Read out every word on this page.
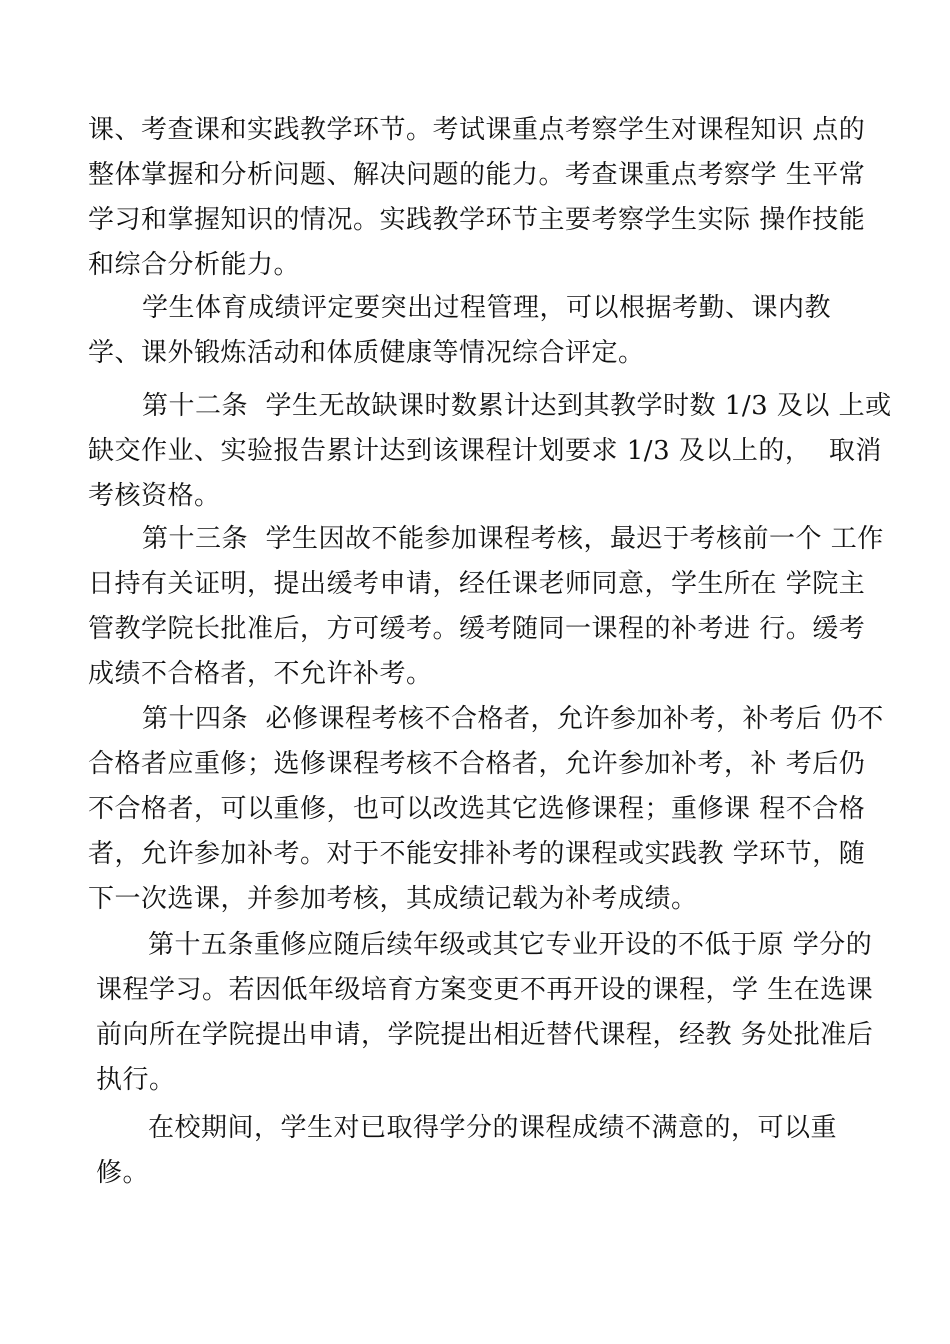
课、考查课和实践教学环节。考试课重点考察学生对课程知识 点的
整体掌握和分析问题、解决问题的能力。考查课重点考察学 生平常
学习和掌握知识的情况。实践教学环节主要考察学生实际 操作技能
和综合分析能力。
学生体育成绩评定要突出过程管理，可以根据考勤、课内教
学、课外锻炼活动和体质健康等情况综合评定。
第十二条  学生无故缺课时数累计达到其教学时数 1/3 及以 上或
缺交作业、实验报告累计达到该课程计划要求 1/3 及以上的，  取消
考核资格。
第十三条  学生因故不能参加课程考核，最迟于考核前一个 工作
日持有关证明，提出缓考申请，经任课老师同意，学生所在 学院主
管教学院长批准后，方可缓考。缓考随同一课程的补考进 行。缓考
成绩不合格者，不允许补考。
第十四条  必修课程考核不合格者，允许参加补考，补考后 仍不
合格者应重修；选修课程考核不合格者，允许参加补考，补 考后仍
不合格者，可以重修，也可以改选其它选修课程；重修课 程不合格
者，允许参加补考。对于不能安排补考的课程或实践教 学环节，随
下一次选课，并参加考核，其成绩记载为补考成绩。
第十五条重修应随后续年级或其它专业开设的不低于原 学分的
课程学习。若因低年级培育方案变更不再开设的课程，学 生在选课
前向所在学院提出申请，学院提出相近替代课程，经教 务处批准后
执行。
在校期间，学生对已取得学分的课程成绩不满意的，可以重
修。
